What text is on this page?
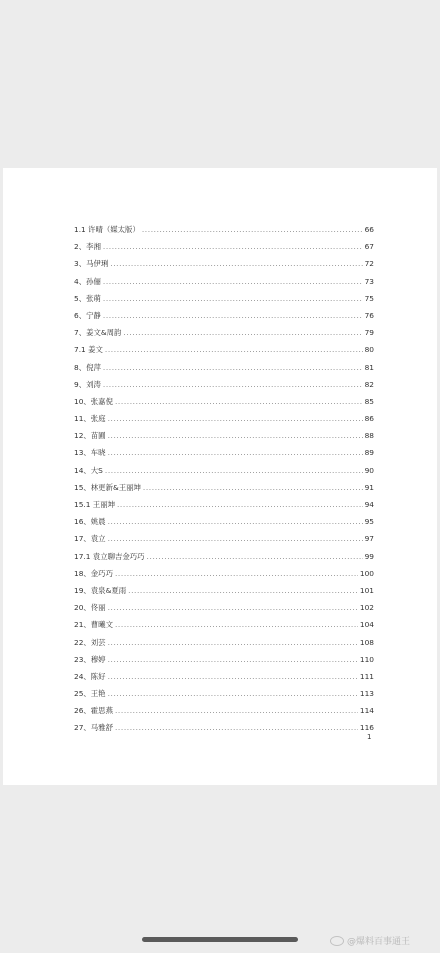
1.1 许晴（媒太版） .....	66
2、李湘 .....	67
3、马伊琍 .....	72
4、孙俪 .....	73
5、张萌 .....	75
6、宁静 .....	76
7、姜文&周韵 .....	79
7.1 姜文 .....	80
8、倪萍 .....	81
9、刘涛 .....	82
10、张嘉倪 .....	85
11、张庭 .....	86
12、苗圃 .....	88
13、车晓 .....	89
14、大S .....	90
15、林更新&王丽坤 .....	91
15.1 王丽坤 .....	94
16、姚晨 .....	95
17、袁立 .....	97
17.1 袁立聊吉金巧巧 .....	99
18、金巧巧 .....	100
19、袁泉&夏雨 .....	101
20、佟丽 .....	102
21、曹曦文 .....	104
22、刘芸 .....	108
23、穆婷 .....	110
24、陈好 .....	111
25、王艳 .....	113
26、霍思燕 .....	114
27、马雅舒 .....	116
1
@爆料百事通王
